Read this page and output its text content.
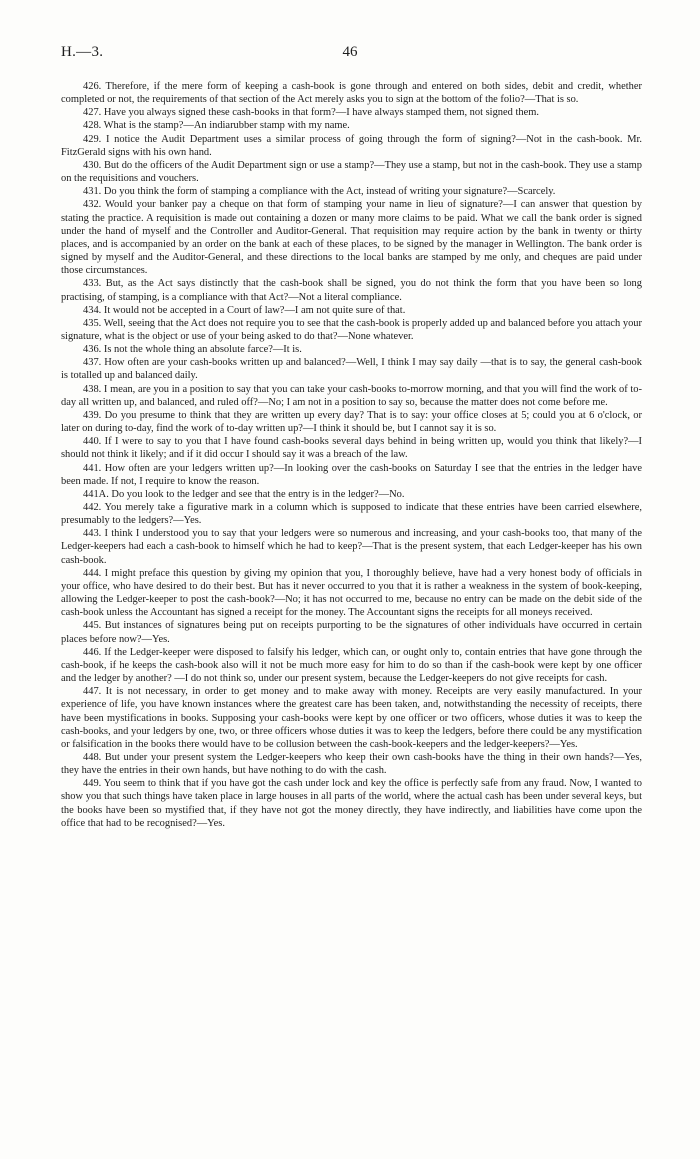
H.—3.	46

426. Therefore, if the mere form of keeping a cash-book is gone through and entered on both sides, debit and credit, whether completed or not, the requirements of that section of the Act merely asks you to sign at the bottom of the folio?—That is so.

427. Have you always signed these cash-books in that form?—I have always stamped them, not signed them.

428. What is the stamp?—An indiarubber stamp with my name.

429. I notice the Audit Department uses a similar process of going through the form of signing?—Not in the cash-book. Mr. FitzGerald signs with his own hand.

430. But do the officers of the Audit Department sign or use a stamp?—They use a stamp, but not in the cash-book. They use a stamp on the requisitions and vouchers.

431. Do you think the form of stamping a compliance with the Act, instead of writing your signature?—Scarcely.

432. Would your banker pay a cheque on that form of stamping your name in lieu of signature?—I can answer that question by stating the practice. A requisition is made out containing a dozen or many more claims to be paid. What we call the bank order is signed under the hand of myself and the Controller and Auditor-General. That requisition may require action by the bank in twenty or thirty places, and is accompanied by an order on the bank at each of these places, to be signed by the manager in Wellington. The bank order is signed by myself and the Auditor-General, and these directions to the local banks are stamped by me only, and cheques are paid under those circumstances.

433. But, as the Act says distinctly that the cash-book shall be signed, you do not think the form that you have been so long practising, of stamping, is a compliance with that Act?—Not a literal compliance.

434. It would not be accepted in a Court of law?—I am not quite sure of that.

435. Well, seeing that the Act does not require you to see that the cash-book is properly added up and balanced before you attach your signature, what is the object or use of your being asked to do that?—None whatever.

436. Is not the whole thing an absolute farce?—It is.

437. How often are your cash-books written up and balanced?—Well, I think I may say daily —that is to say, the general cash-book is totalled up and balanced daily.

438. I mean, are you in a position to say that you can take your cash-books to-morrow morning, and that you will find the work of to-day all written up, and balanced, and ruled off?—No; I am not in a position to say so, because the matter does not come before me.

439. Do you presume to think that they are written up every day? That is to say: your office closes at 5; could you at 6 o'clock, or later on during to-day, find the work of to-day written up?—I think it should be, but I cannot say it is so.

440. If I were to say to you that I have found cash-books several days behind in being written up, would you think that likely?—I should not think it likely; and if it did occur I should say it was a breach of the law.

441. How often are your ledgers written up?—In looking over the cash-books on Saturday I see that the entries in the ledger have been made. If not, I require to know the reason.

441A. Do you look to the ledger and see that the entry is in the ledger?—No.

442. You merely take a figurative mark in a column which is supposed to indicate that these entries have been carried elsewhere, presumably to the ledgers?—Yes.

443. I think I understood you to say that your ledgers were so numerous and increasing, and your cash-books too, that many of the Ledger-keepers had each a cash-book to himself which he had to keep?—That is the present system, that each Ledger-keeper has his own cash-book.

444. I might preface this question by giving my opinion that you, I thoroughly believe, have had a very honest body of officials in your office, who have desired to do their best. But has it never occurred to you that it is rather a weakness in the system of book-keeping, allowing the Ledger-keeper to post the cash-book?—No; it has not occurred to me, because no entry can be made on the debit side of the cash-book unless the Accountant has signed a receipt for the money. The Accountant signs the receipts for all moneys received.

445. But instances of signatures being put on receipts purporting to be the signatures of other individuals have occurred in certain places before now?—Yes.

446. If the Ledger-keeper were disposed to falsify his ledger, which can, or ought only to, contain entries that have gone through the cash-book, if he keeps the cash-book also will it not be much more easy for him to do so than if the cash-book were kept by one officer and the ledger by another? —I do not think so, under our present system, because the Ledger-keepers do not give receipts for cash.

447. It is not necessary, in order to get money and to make away with money. Receipts are very easily manufactured. In your experience of life, you have known instances where the greatest care has been taken, and, notwithstanding the necessity of receipts, there have been mystifications in books. Supposing your cash-books were kept by one officer or two officers, whose duties it was to keep the cash-books, and your ledgers by one, two, or three officers whose duties it was to keep the ledgers, before there could be any mystification or falsification in the books there would have to be collusion between the cash-book-keepers and the ledger-keepers?—Yes.

448. But under your present system the Ledger-keepers who keep their own cash-books have the thing in their own hands?—Yes, they have the entries in their own hands, but have nothing to do with the cash.

449. You seem to think that if you have got the cash under lock and key the office is perfectly safe from any fraud. Now, I wanted to show you that such things have taken place in large houses in all parts of the world, where the actual cash has been under several keys, but the books have been so mystified that, if they have not got the money directly, they have indirectly, and liabilities have come upon the office that had to be recognised?—Yes.
